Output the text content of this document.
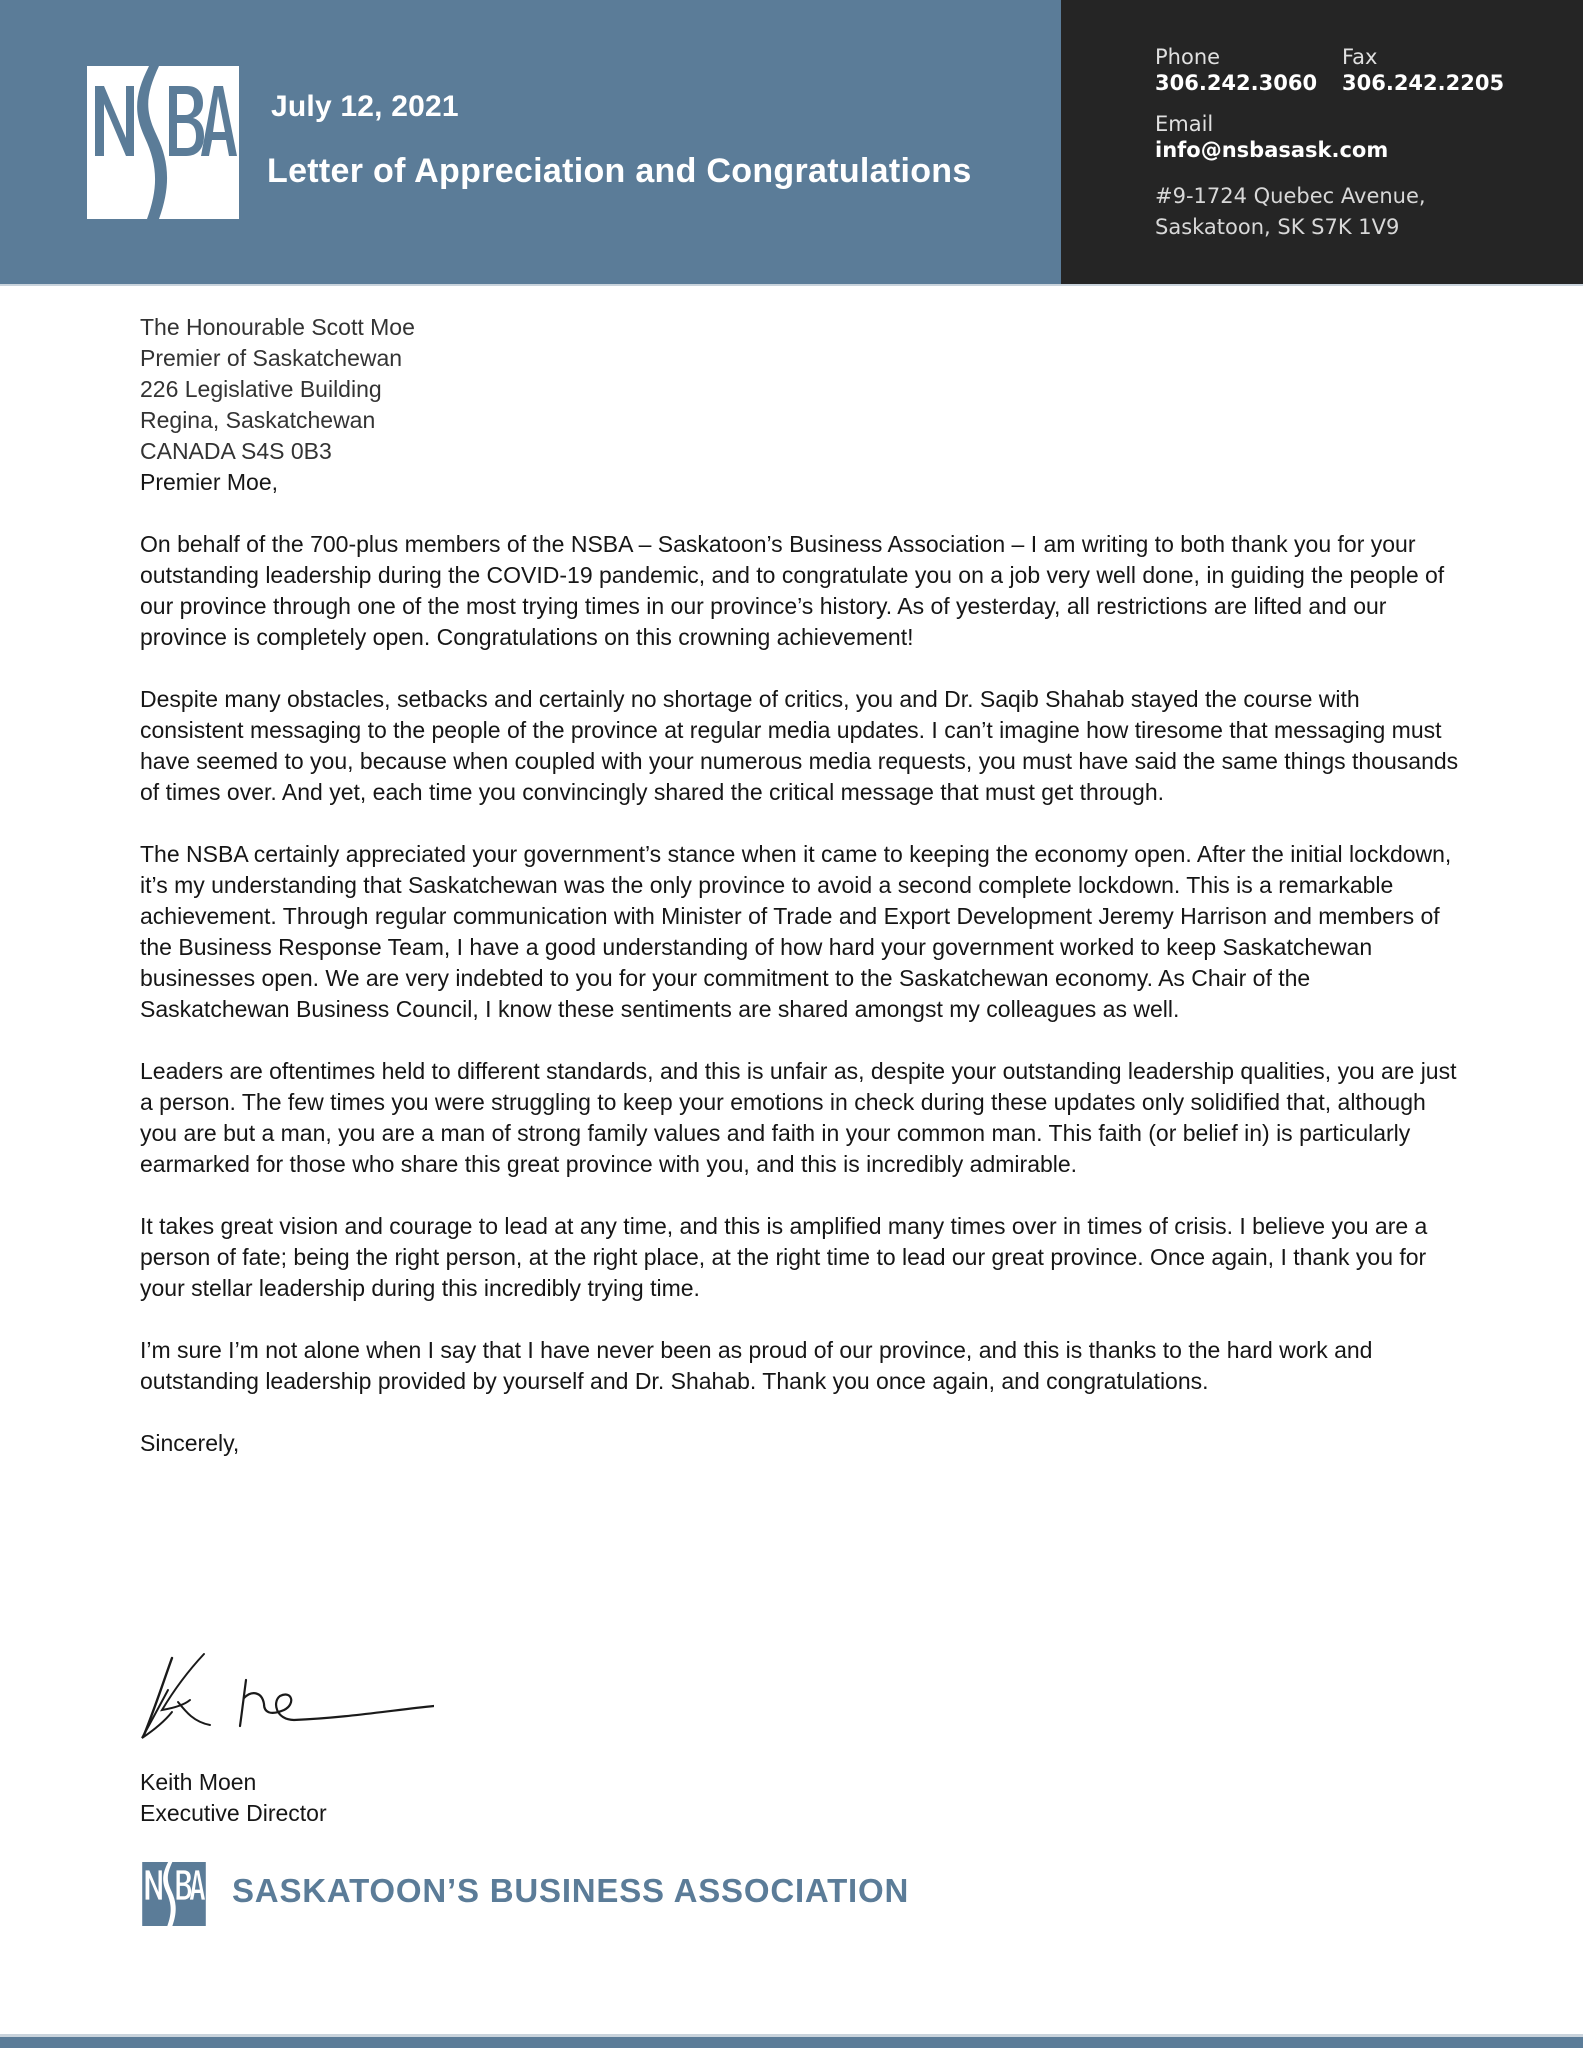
July 12, 2021
Letter of Appreciation and Congratulations
Phone
306.242.3060
Fax
306.242.2205
Email
info@nsbasask.com
#9-1724 Quebec Avenue,
Saskatoon, SK S7K 1V9
The Honourable Scott Moe
Premier of Saskatchewan
226 Legislative Building
Regina, Saskatchewan
CANADA S4S 0B3

Premier Moe,

On behalf of the 700-plus members of the NSBA – Saskatoon’s Business Association – I am writing to both thank you for your outstanding leadership during the COVID-19 pandemic, and to congratulate you on a job very well done, in guiding the people of our province through one of the most trying times in our province’s history. As of yesterday, all restrictions are lifted and our province is completely open. Congratulations on this crowning achievement!

Despite many obstacles, setbacks and certainly no shortage of critics, you and Dr. Saqib Shahab stayed the course with consistent messaging to the people of the province at regular media updates. I can’t imagine how tiresome that messaging must have seemed to you, because when coupled with your numerous media requests, you must have said the same things thousands of times over. And yet, each time you convincingly shared the critical message that must get through.

The NSBA certainly appreciated your government’s stance when it came to keeping the economy open. After the initial lockdown, it’s my understanding that Saskatchewan was the only province to avoid a second complete lockdown. This is a remarkable achievement. Through regular communication with Minister of Trade and Export Development Jeremy Harrison and members of the Business Response Team, I have a good understanding of how hard your government worked to keep Saskatchewan businesses open. We are very indebted to you for your commitment to the Saskatchewan economy. As Chair of the Saskatchewan Business Council, I know these sentiments are shared amongst my colleagues as well.

Leaders are oftentimes held to different standards, and this is unfair as, despite your outstanding leadership qualities, you are just a person. The few times you were struggling to keep your emotions in check during these updates only solidified that, although you are but a man, you are a man of strong family values and faith in your common man. This faith (or belief in) is particularly earmarked for those who share this great province with you, and this is incredibly admirable.

It takes great vision and courage to lead at any time, and this is amplified many times over in times of crisis. I believe you are a person of fate; being the right person, at the right place, at the right time to lead our great province. Once again, I thank you for your stellar leadership during this incredibly trying time.

I’m sure I’m not alone when I say that I have never been as proud of our province, and this is thanks to the hard work and outstanding leadership provided by yourself and Dr. Shahab. Thank you once again, and congratulations.

Sincerely,

Keith Moen
Executive Director
SASKATOON’S BUSINESS ASSOCIATION
